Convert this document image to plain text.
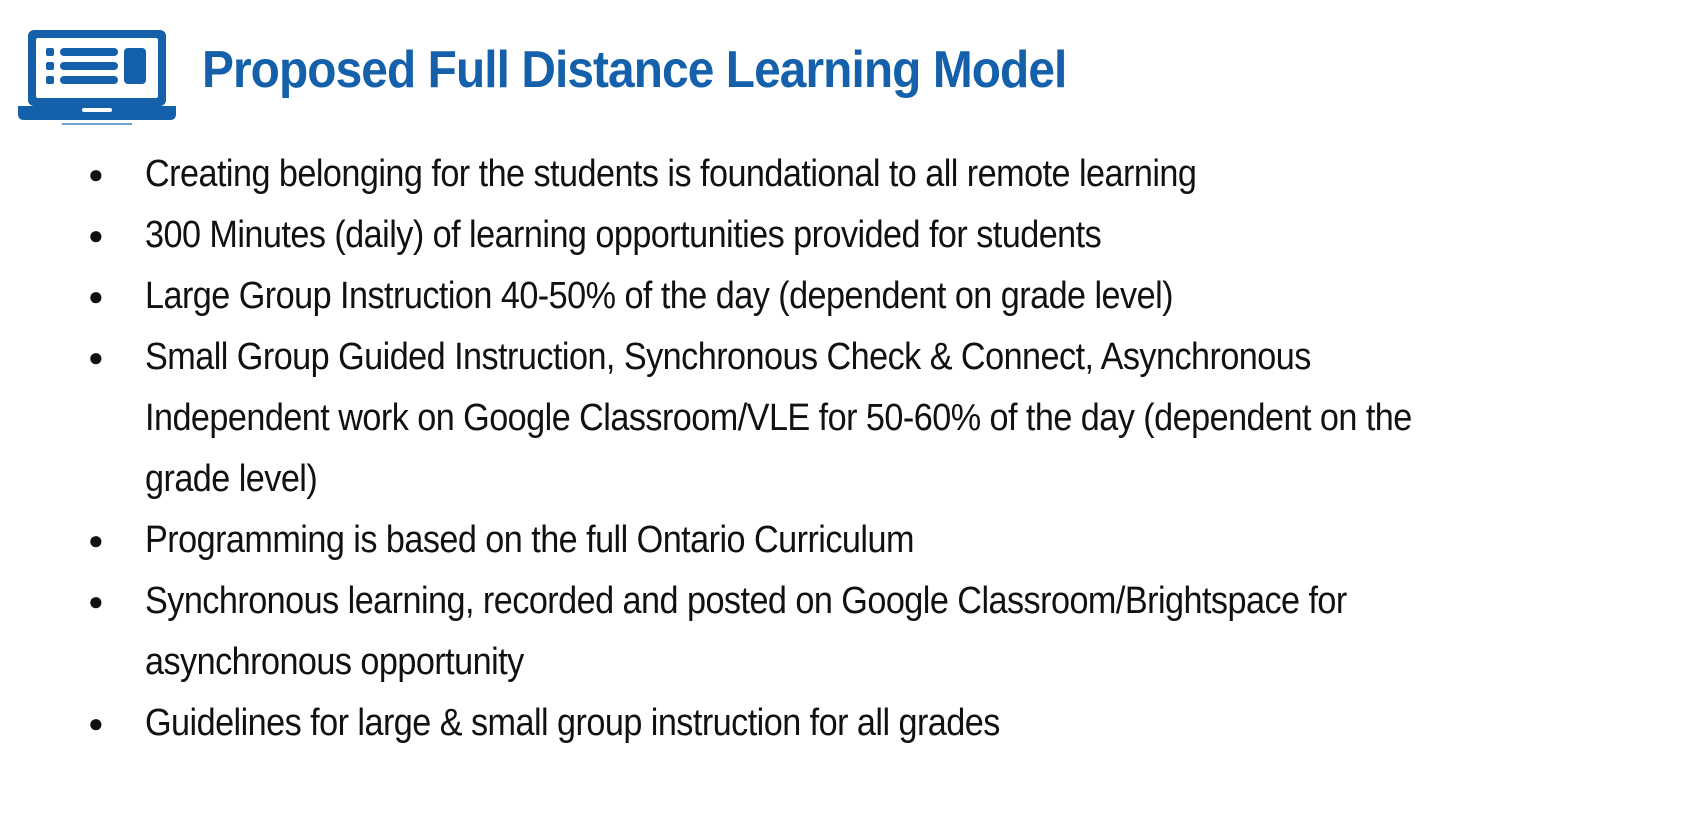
Proposed Full Distance Learning Model
●	Creating belonging for the students is foundational to all remote learning
●	300 Minutes (daily) of learning opportunities provided for students
●	Large Group Instruction 40-50% of the day (dependent on grade level)
●	Small Group Guided Instruction, Synchronous Check & Connect, Asynchronous Independent work on Google Classroom/VLE for 50-60% of the day (dependent on the grade level)
●	Programming is based on the full Ontario Curriculum
●	Synchronous learning, recorded and posted on Google Classroom/Brightspace for asynchronous opportunity
●	Guidelines for large & small group instruction for all grades
